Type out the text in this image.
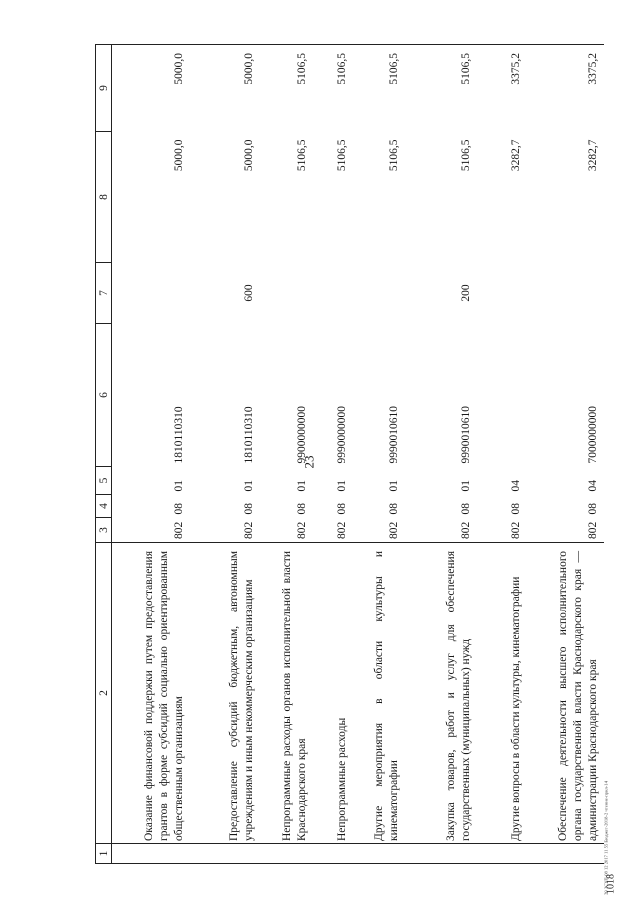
23
1	2	3	4	5	6	7	8	9
	Оказание финансовой поддержки путем предоставления грантов в форме субсидий социально ориентированным общественным организациям	802	08	01	1810110310		5000,0	5000,0
	Предоставление субсидий бюджетным, автономным учреждениям и иным некоммерческим организациям	802	08	01	1810110310	600	5000,0	5000,0
	Непрограммные расходы органов исполнительной власти Краснодарского края	802	08	01	9900000000		5106,5	5106,5
	Непрограммные расходы	802	08	01	9990000000		5106,5	5106,5
	Другие мероприятия в области культуры и кинематографии	802	08	01	9990010610		5106,5	5106,5
	Закупка товаров, работ и услуг для обеспечения государственных (муниципальных) нужд	802	08	01	9990010610	200	5106,5	5106,5
	Другие вопросы в области культуры, кинематографии	802	08	04			3282,7	3375,2
	Обеспечение деятельности высшего исполнительного органа государственной власти Краснодарского края — администрации Краснодарского края	802	08	04	7000000000		3282,7	3375,2
20 ЗСУП-08 12 2017 11 55 Бюджет-2018-2 чтение-прил-14
1018
